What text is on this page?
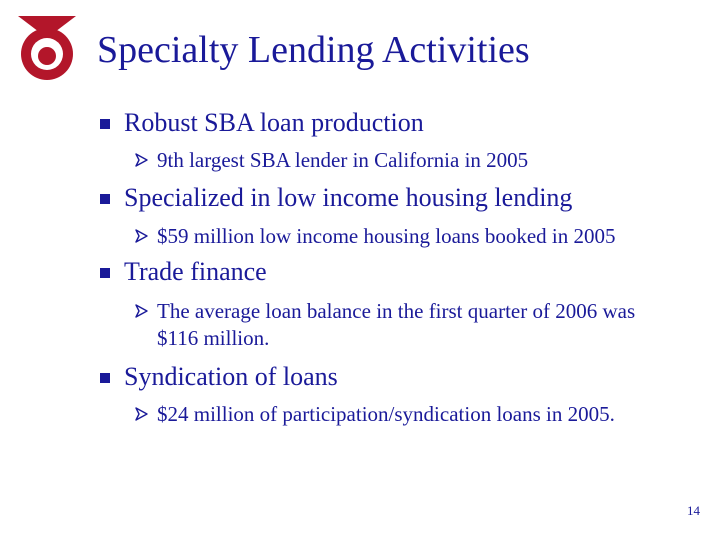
Specialty Lending Activities
Robust SBA loan production
9th largest SBA lender in California in 2005
Specialized in low income housing lending
$59 million low income housing loans booked in 2005
Trade finance
The average loan balance in the first quarter of 2006 was $116 million.
Syndication of loans
$24 million of participation/syndication loans in 2005.
14
